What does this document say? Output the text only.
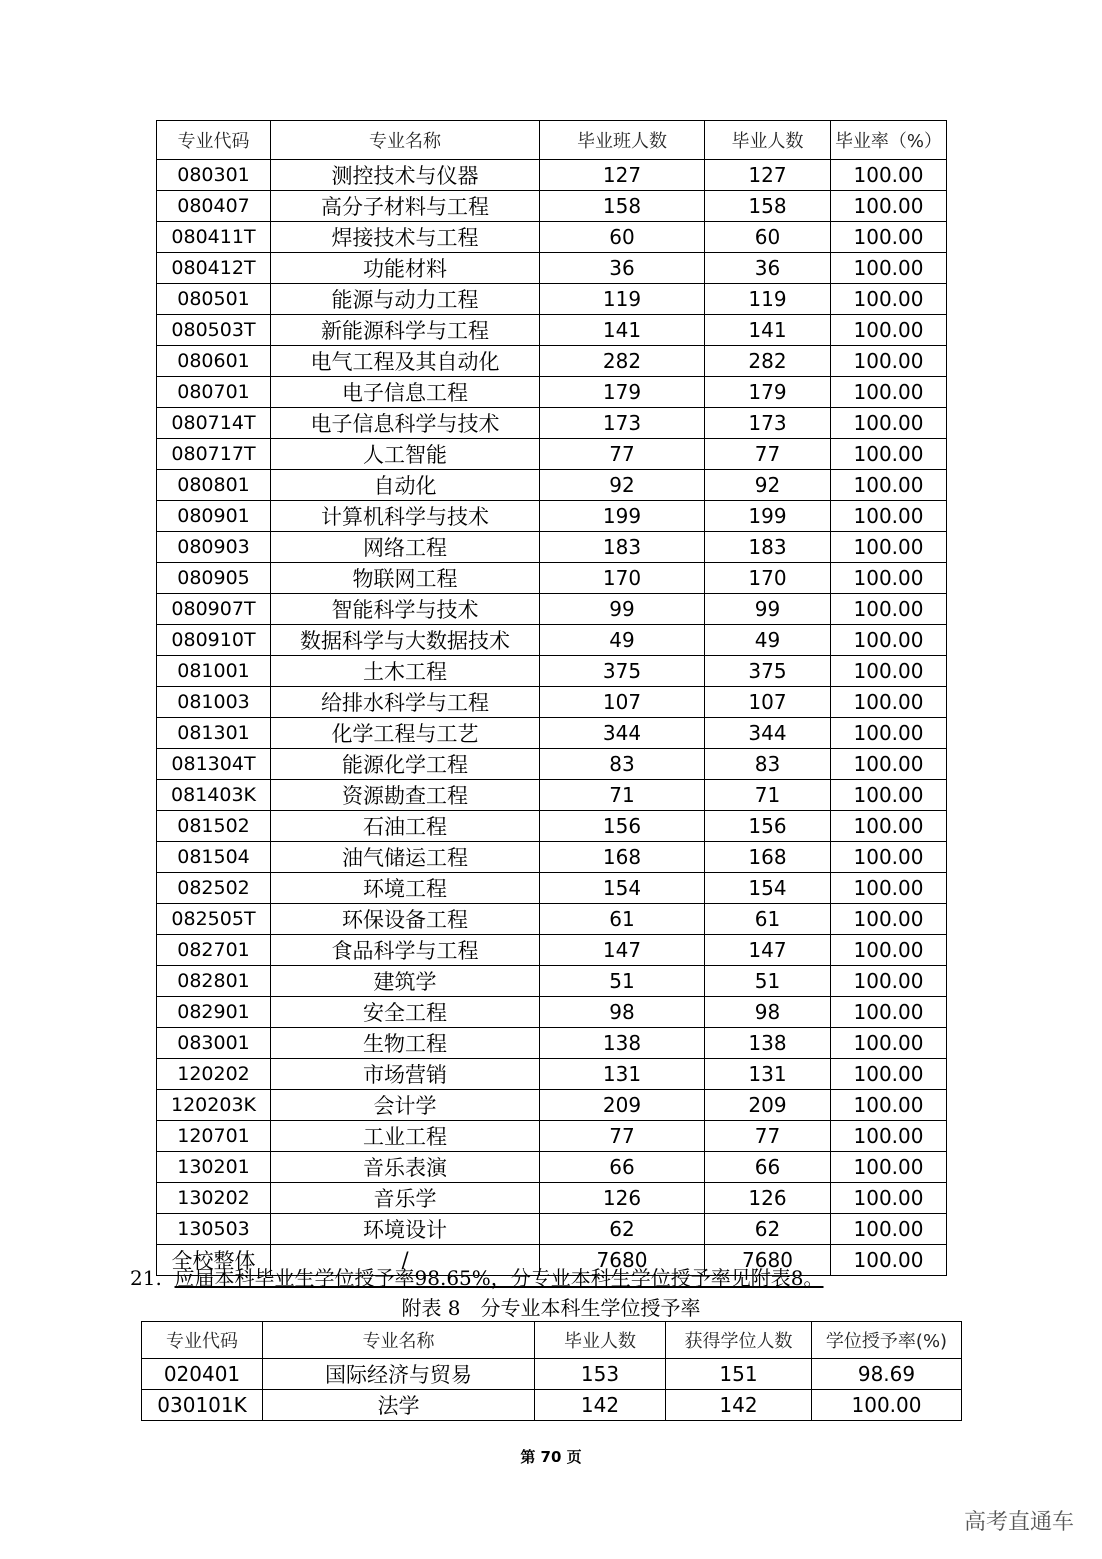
专业代码	专业名称	毕业班人数	毕业人数	毕业率（%）
080301	测控技术与仪器	127	127	100.00
080407	高分子材料与工程	158	158	100.00
080411T	焊接技术与工程	60	60	100.00
080412T	功能材料	36	36	100.00
080501	能源与动力工程	119	119	100.00
080503T	新能源科学与工程	141	141	100.00
080601	电气工程及其自动化	282	282	100.00
080701	电子信息工程	179	179	100.00
080714T	电子信息科学与技术	173	173	100.00
080717T	人工智能	77	77	100.00
080801	自动化	92	92	100.00
080901	计算机科学与技术	199	199	100.00
080903	网络工程	183	183	100.00
080905	物联网工程	170	170	100.00
080907T	智能科学与技术	99	99	100.00
080910T	数据科学与大数据技术	49	49	100.00
081001	土木工程	375	375	100.00
081003	给排水科学与工程	107	107	100.00
081301	化学工程与工艺	344	344	100.00
081304T	能源化学工程	83	83	100.00
081403K	资源勘查工程	71	71	100.00
081502	石油工程	156	156	100.00
081504	油气储运工程	168	168	100.00
082502	环境工程	154	154	100.00
082505T	环保设备工程	61	61	100.00
082701	食品科学与工程	147	147	100.00
082801	建筑学	51	51	100.00
082901	安全工程	98	98	100.00
083001	生物工程	138	138	100.00
120202	市场营销	131	131	100.00
120203K	会计学	209	209	100.00
120701	工业工程	77	77	100.00
130201	音乐表演	66	66	100.00
130202	音乐学	126	126	100.00
130503	环境设计	62	62	100.00
全校整体	/	7680	7680	100.00
21. 应届本科毕业生学位授予率98.65%，分专业本科生学位授予率见附表8。
附表 8　分专业本科生学位授予率
专业代码	专业名称	毕业人数	获得学位人数	学位授予率(%)
020401	国际经济与贸易	153	151	98.69
030101K	法学	142	142	100.00
第 70 页
高考直通车
